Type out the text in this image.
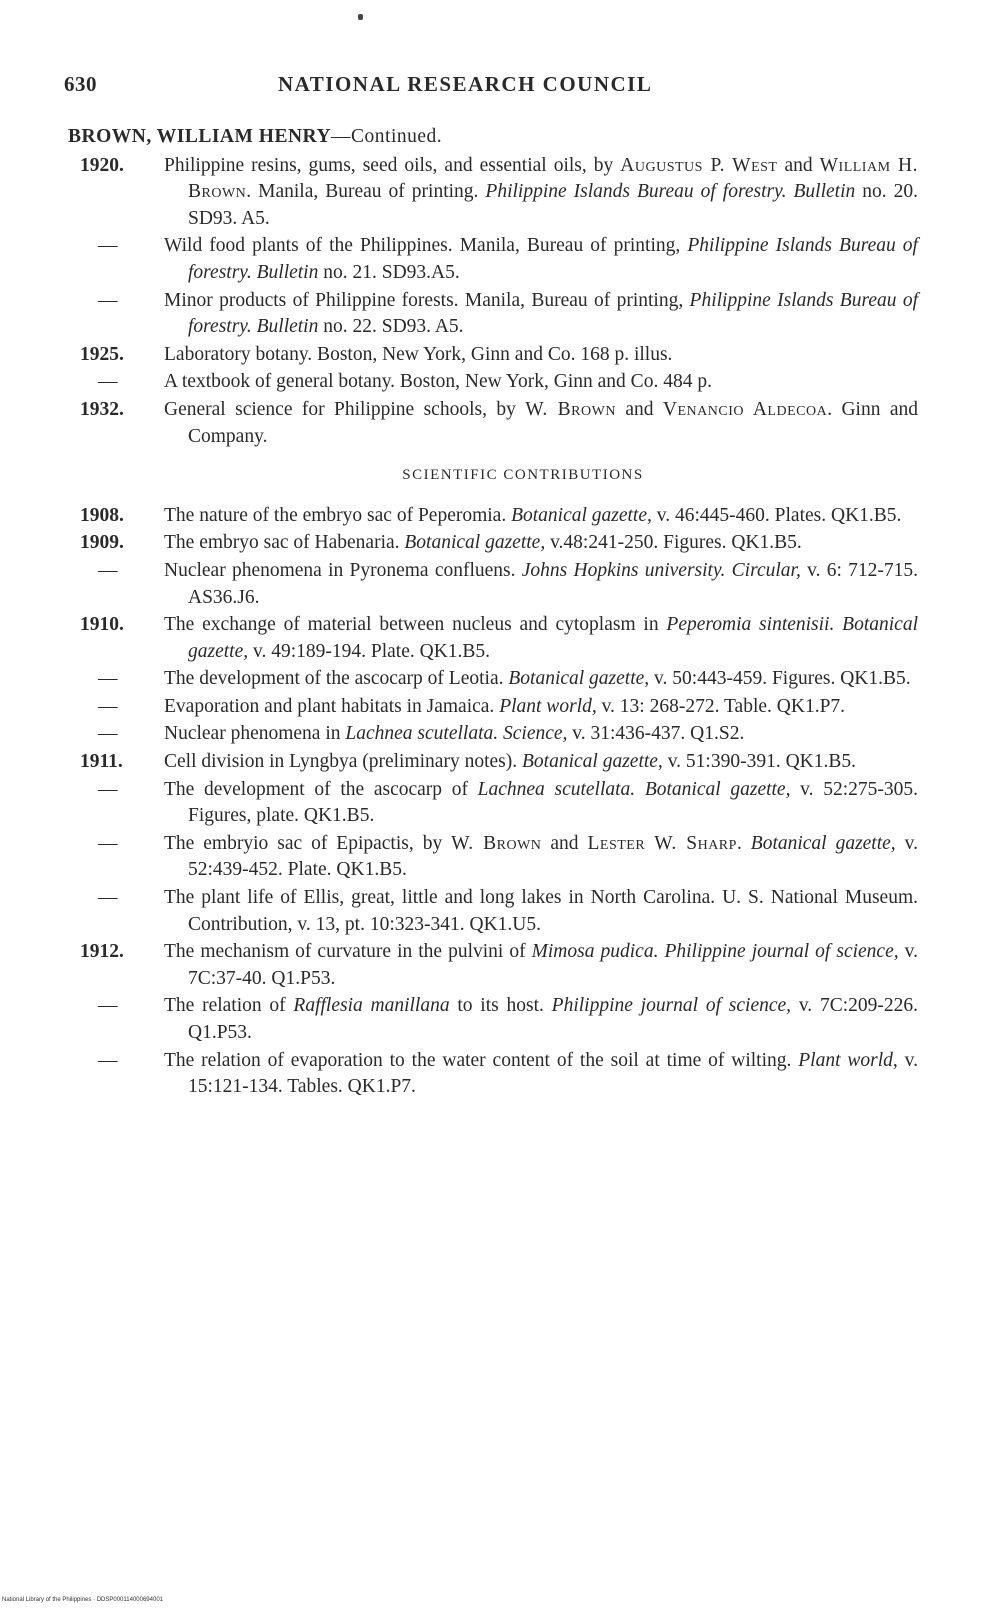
630	NATIONAL RESEARCH COUNCIL
BROWN, WILLIAM HENRY—Continued.
1920.	Philippine resins, gums, seed oils, and essential oils, by Augustus P. West and William H. Brown. Manila, Bureau of printing. Philippine Islands Bureau of forestry. Bulletin no. 20. SD93. A5.
— Wild food plants of the Philippines. Manila, Bureau of printing, Philippine Islands Bureau of forestry. Bulletin no. 21. SD93.A5.
— Minor products of Philippine forests. Manila, Bureau of printing, Philippine Islands Bureau of forestry. Bulletin no. 22. SD93. A5.
1925.	Laboratory botany. Boston, New York, Ginn and Co. 168 p. illus.
— A textbook of general botany. Boston, New York, Ginn and Co. 484 p.
1932.	General science for Philippine schools, by W. Brown and Venancio Aldecoa. Ginn and Company.
SCIENTIFIC CONTRIBUTIONS
1908.	The nature of the embryo sac of Peperomia. Botanical gazette, v. 46:445-460. Plates. QK1.B5.
1909.	The embryo sac of Habenaria. Botanical gazette, v.48:241-250. Figures. QK1.B5.
— Nuclear phenomena in Pyronema confluens. Johns Hopkins university. Circular, v. 6: 712-715. AS36.J6.
1910.	The exchange of material between nucleus and cytoplasm in Peperomia sintenisii. Botanical gazette, v. 49:189-194. Plate. QK1.B5.
— The development of the ascocarp of Leotia. Botanical gazette, v. 50:443-459. Figures. QK1.B5.
— Evaporation and plant habitats in Jamaica. Plant world, v. 13: 268-272. Table. QK1.P7.
— Nuclear phenomena in Lachnea scutellata. Science, v. 31:436-437. Q1.S2.
1911.	Cell division in Lyngbya (preliminary notes). Botanical gazette, v. 51:390-391. QK1.B5.
— The development of the ascocarp of Lachnea scutellata. Botanical gazette, v. 52:275-305. Figures, plate. QK1.B5.
— The embryio sac of Epipactis, by W. Brown and Lester W. Sharp. Botanical gazette, v. 52:439-452. Plate. QK1.B5.
— The plant life of Ellis, great, little and long lakes in North Carolina. U. S. National Museum. Contribution, v. 13, pt. 10:323-341. QK1.U5.
1912.	The mechanism of curvature in the pulvini of Mimosa pudica. Philippine journal of science, v. 7C:37-40. Q1.P53.
— The relation of Rafflesia manillana to its host. Philippine journal of science, v. 7C:209-226. Q1.P53.
— The relation of evaporation to the water content of the soil at time of wilting. Plant world, v. 15:121-134. Tables. QK1.P7.
National Library of the Philippines · DDSP000114000694001
